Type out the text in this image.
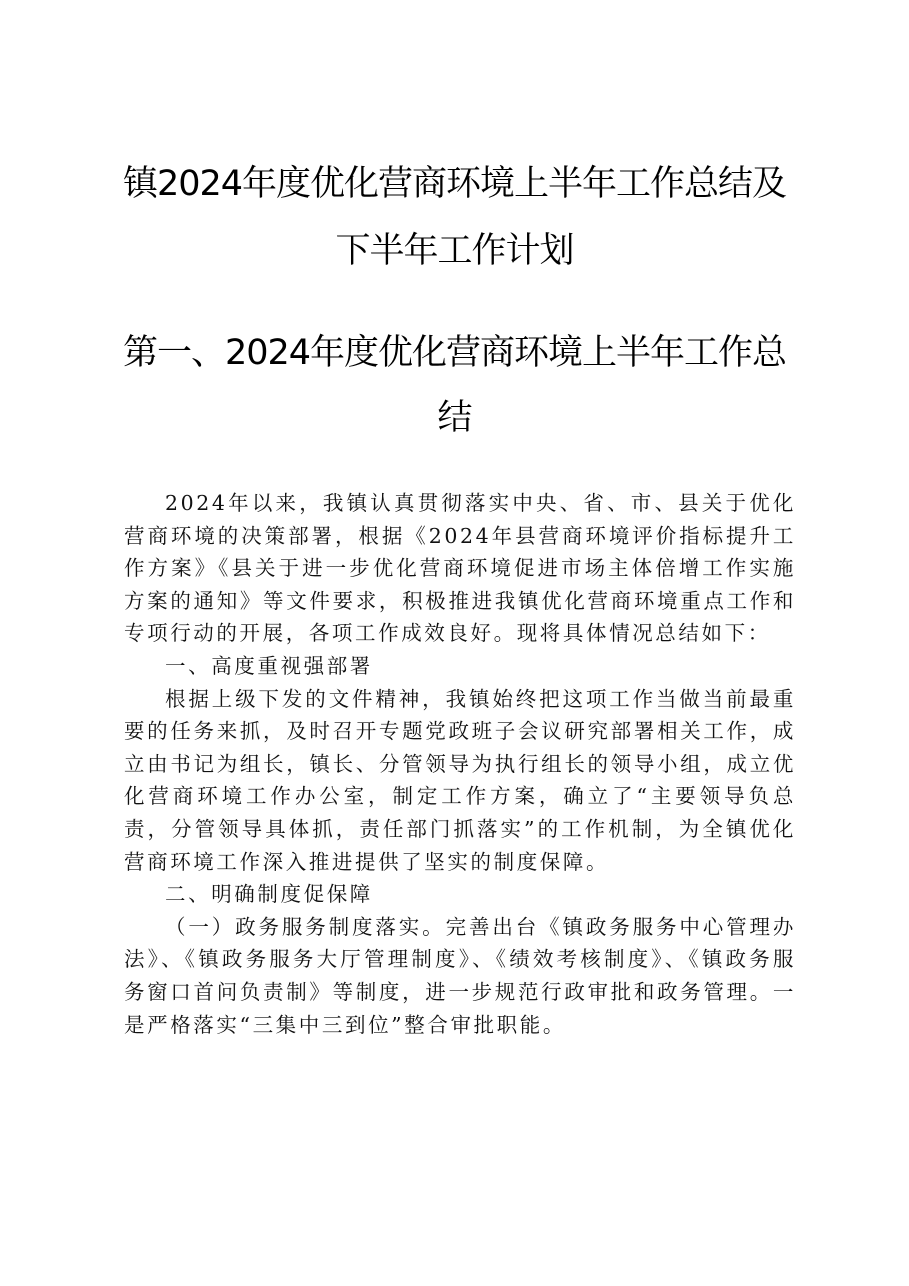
镇2024年度优化营商环境上半年工作总结及
下半年工作计划
第一、2024年度优化营商环境上半年工作总
结

2024年以来，我镇认真贯彻落实中央、省、市、县关于优化营商环境的决策部署，根据《2024年县营商环境评价指标提升工作方案》《县关于进一步优化营商环境促进市场主体倍增工作实施方案的通知》等文件要求，积极推进我镇优化营商环境重点工作和专项行动的开展，各项工作成效良好。现将具体情况总结如下：

一、高度重视强部署

根据上级下发的文件精神，我镇始终把这项工作当做当前最重要的任务来抓，及时召开专题党政班子会议研究部署相关工作，成立由书记为组长，镇长、分管领导为执行组长的领导小组，成立优化营商环境工作办公室，制定工作方案，确立了“主要领导负总责，分管领导具体抓，责任部门抓落实”的工作机制，为全镇优化营商环境工作深入推进提供了坚实的制度保障。

二、明确制度促保障

（一）政务服务制度落实。完善出台《镇政务服务中心管理办法》、《镇政务服务大厅管理制度》、《绩效考核制度》、《镇政务服务窗口首问负责制》等制度，进一步规范行政审批和政务管理。一是严格落实“三集中三到位”整合审批职能。
